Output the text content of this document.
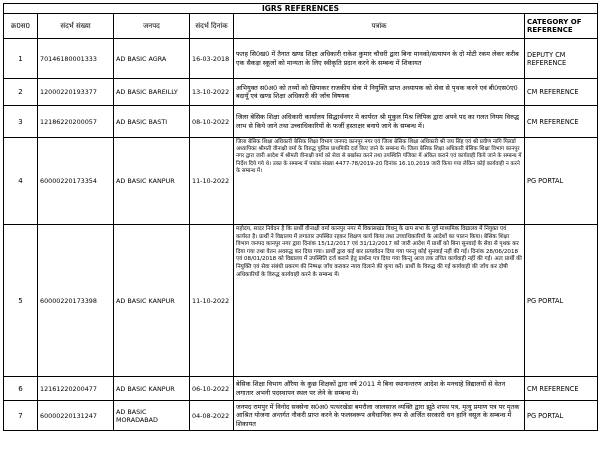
IGRS REFERENCES					
क्र0स0	संदर्भ संख्या	जनपद	संदर्भ दिनांक	पत्रांक	CATEGORY OF REFERENCE
1	70146180001333	AD BASIC AGRA	16-03-2018	फतह सि0ख0 में तैनात खण्ड शिक्षा अधिकारी राकेश कुमार चौधरी द्वारा बिना मानको/सत्यापन के दो मोटी रकम लेकर करीब एक सैकड़ा स्कूलों को मान्यता के लिए स्वीकृति प्रदान करने के सम्बन्ध में शिकायत	DEPUTY CM REFERENCE
2	12000220193377	AD BASIC BAREILLY	13-10-2022	अभियुक्त स0अ0 को तथ्यों को छिपाकर राजकीय सेवा मे नियुक्ति प्राप्त अध्यापक को सेवा से पृथक करने एवं बी0एस0ए0 बदायूँ एवं खण्ड शिक्षा अधिकारी की जाँच विषयक	CM REFERENCE
3	12186220200057	AD BASIC BASTI	08-10-2022	जिला बेसिक शिक्षा अधिकारी कार्यालय सिद्धार्थनगर मे कार्यरत श्री मुकुल मिश्र लिपिक द्वारा अपने पद का गलत नियम विरुद्ध लाभ से किये जाने तथा उच्चाधिकारियों के फर्जी हस्ताक्षर बनाये जाने के सम्बन्ध में।	CM REFERENCE
4	60000220173354	AD BASIC KANPUR	11-10-2022	जिला बेसिक शिक्षा अधिकारी बेसिक शिक्षा विभाग जनपद कानपुर नगर एवं जिला बेसिक शिक्षा अधिकारी श्री जय सिंह एवं श्री प्रवीण नागि पिलर्डा अध्यापिका श्रीमती वीनाक्षी वर्मा के विरुद्ध पुलिस प्राथमिकी दर्ज किए जाने के सम्बन्ध में। जिला बेसिक शिक्षा अधिकारी बेसिक शिक्षा विभाग कानपुर नगर द्वारा जारी आदेश में श्रीमती वीनाक्षी वर्मा को सेवा से बर्खास्त करने तथा उपस्थिति पंजिका में अंकित कराने एवं कार्यवाही किये जाने के सम्बन्ध में निर्देश दिये गये थे। उक्त के सम्बन्ध में पत्रांक संख्या 4477-78/2019-20 दिनांक 16.10.2019 जारी किया गया लेकिन कोई कार्यवाही न करने के सम्बन्ध में।	PG PORTAL
5	60000220173398	AD BASIC KANPUR	11-10-2022	महोदय, सादर निवेदन है कि प्रार्थी वीनाक्षी वर्मा कानपुर नगर में विकासखंड विधनू के ग्राम सभा के पूर्व माध्यमिक विद्यालय में नियुक्त एवं कार्यरत है। प्रार्थी ने विद्यालय में लगातार उपस्थित रहकर शिक्षण कार्य किया तथा उच्चाधिकारियों के आदेशों का पालन किया। बेसिक शिक्षा विभाग जनपद कानपुर नगर द्वारा दिनांक 15/12/2017 एवं 31/12/2017 को जारी आदेश में प्रार्थी को बिना सुनवाई के सेवा से पृथक कर दिया गया तथा वेतन अवरुद्ध कर दिया गया। प्रार्थी द्वारा कई बार प्रत्यावेदन दिया गया परन्तु कोई सुनवाई नहीं की गई। दिनांक 28/06/2018 एवं 08/01/2018 को विद्यालय में उपस्थिति दर्ज कराने हेतु प्रार्थना पत्र दिया गया किन्तु आज तक उचित कार्यवाही नहीं की गई। अतः प्रार्थी की नियुक्ति एवं सेवा संबंधी प्रकरण की निष्पक्ष जाँच कराकर न्याय दिलाने की कृपा करें। प्रार्थी के विरुद्ध की गई कार्यवाही की जाँच कर दोषी अधिकारियों के विरुद्ध कार्यवाही करने के सम्बन्ध में।	PG PORTAL
6	12161220200477	AD BASIC KANPUR	06-10-2022	बेसिक शिक्षा विभाग औरैया के कुछ शिक्षकों द्वारा वर्ष 2011 मे बिना स्थानान्तरण आदेश के मनचाहे विद्यालयों से वेतन लगातार अभनी पदस्थापन स्थल पर लेने के सम्बन्ध मे।	CM REFERENCE
7	60000220131247	AD BASIC MORADABAD	04-08-2022	जनपद रामपुर में विनोद सक्सेना स0अ0 पत्थरखेडा बमरौला जालसाज व्यक्ति द्वारा झूठे शपथ पत्र, मृत्यु प्रमाण पत्र पर मृतक आश्रित योजना अन्तर्गत नौकरी प्राप्त करने के फलस्वरूप अवैधानिक रूप से अर्जित सरकारी धन हानि वसूल के सम्बन्ध में शिकायत	PG PORTAL
